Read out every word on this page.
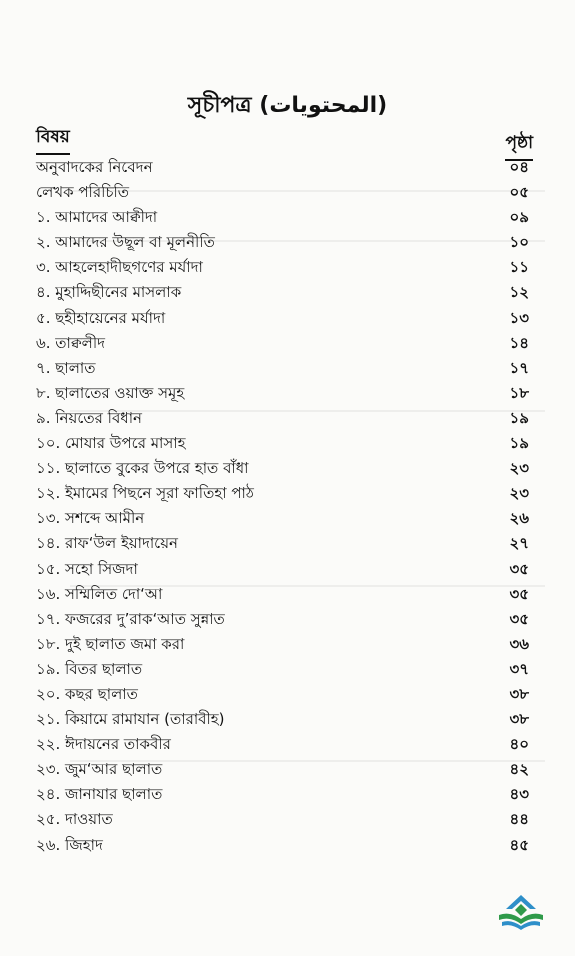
সূচীপত্র (المحتويات)
বিষয়	পৃষ্ঠা
অনুবাদকের নিবেদন	০৪
লেখক পরিচিতি	০৫
১. আমাদের আক্বীদা	০৯
২. আমাদের উছূল বা মূলনীতি	১০
৩. আহলেহাদীছগণের মর্যাদা	১১
৪. মুহাদ্দিছীনের মাসলাক	১২
৫. ছহীহায়েনের মর্যাদা	১৩
৬. তাক্বলীদ	১৪
৭. ছালাত	১৭
৮. ছালাতের ওয়াক্ত সমূহ	১৮
৯. নিয়তের বিধান	১৯
১০. মোযার উপরে মাসাহ	১৯
১১. ছালাতে বুকের উপরে হাত বাঁধা	২৩
১২. ইমামের পিছনে সূরা ফাতিহা পাঠ	২৩
১৩. সশব্দে আমীন	২৬
১৪. রাফ‘উল ইয়াদায়েন	২৭
১৫. সহো সিজদা	৩৫
১৬. সম্মিলিত দো‘আ	৩৫
১৭. ফজরের দু’রাক‘আত সুন্নাত	৩৫
১৮. দুই ছালাত জমা করা	৩৬
১৯. বিতর ছালাত	৩৭
২০. কছর ছালাত	৩৮
২১. কিয়ামে রামাযান (তারাবীহ)	৩৮
২২. ঈদায়নের তাকবীর	৪০
২৩. জুম‘আর ছালাত	৪২
২৪. জানাযার ছালাত	৪৩
২৫. দাওয়াত	৪৪
২৬. জিহাদ	৪৫
